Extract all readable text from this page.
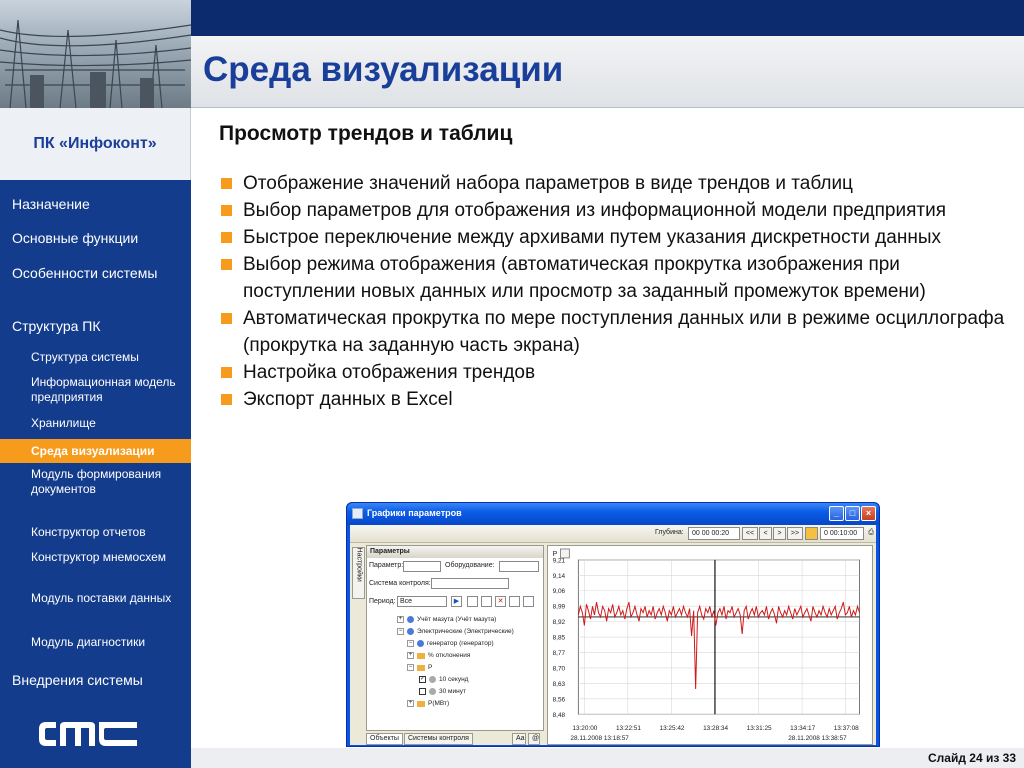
Среда визуализации
ПК «Инфоконт»
Назначение
Основные функции
Особенности системы
Структура ПК
Структура системы
Информационная модель предприятия
Хранилище
Среда визуализации
Модуль формирования документов
Конструктор отчетов
Конструктор мнемосхем
Модуль поставки данных
Модуль диагностики
Внедрения системы
Просмотр трендов и таблиц
Отображение значений набора параметров в виде трендов и таблиц
Выбор параметров для отображения из информационной модели предприятия
Быстрое переключение между архивами путем указания дискретности данных
Выбор режима отображения (автоматическая прокрутка изображения при поступлении новых данных или просмотр за заданный промежуток времени)
Автоматическая прокрутка по мере поступления данных или в режиме осциллографа (прокрутка на заданную часть экрана)
Настройка отображения трендов
Экспорт данных в Excel
Графики параметров	_	□	×
Глубина:	00 00 00:20	<<	<	>	>>	0 00:10:00	⎙
Настройки	Параметры
Параметр:	Оборудование:
Система контроля:
Период: Все	▶	✕
+ Учёт мазута (Учёт мазута)
− Электрические (Электрические)
− генератор (генератор)
+ % отклонения
− P
✓ 10 секунд
30 минут
+ P(МВт)
Объекты	Системы контроля	Aa	@
P
9,21
9,14
9,06
8,99
8,92
8,85
8,77
8,70
8,63
8,56
8,48
13:20:00	13:22:51	13:25:42	13:28:34	13:31:25	13:34:17	13:37:08
28.11.2008 13:18:57	28.11.2008 13:38:57
Слайд 24 из 33
